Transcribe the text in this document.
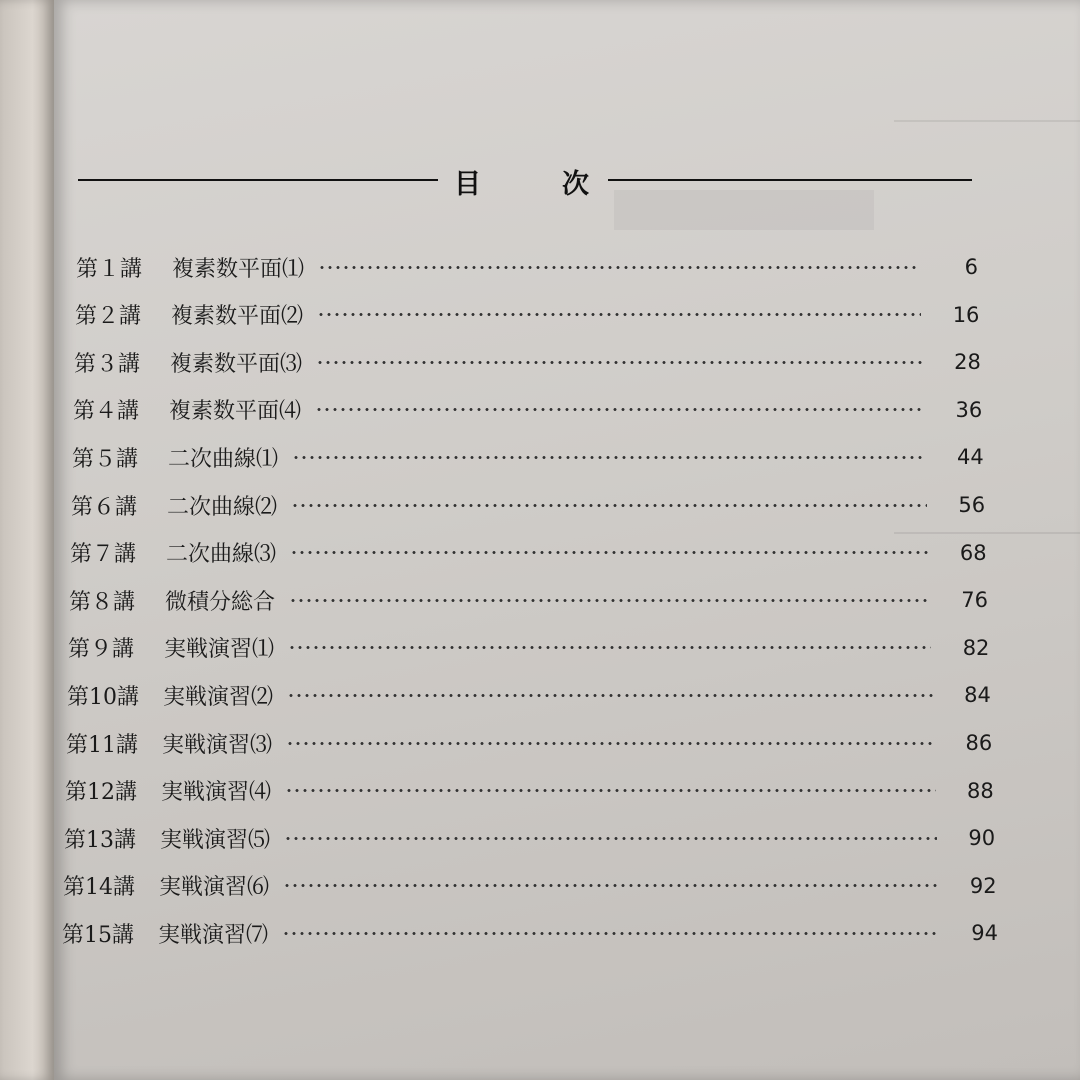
目	次
第１講	複素数平面⑴	6
第２講	複素数平面⑵	16
第３講	複素数平面⑶	28
第４講	複素数平面⑷	36
第５講	二次曲線⑴	44
第６講	二次曲線⑵	56
第７講	二次曲線⑶	68
第８講	微積分総合	76
第９講	実戦演習⑴	82
第10講	実戦演習⑵	84
第11講	実戦演習⑶	86
第12講	実戦演習⑷	88
第13講	実戦演習⑸	90
第14講	実戦演習⑹	92
第15講	実戦演習⑺	94
